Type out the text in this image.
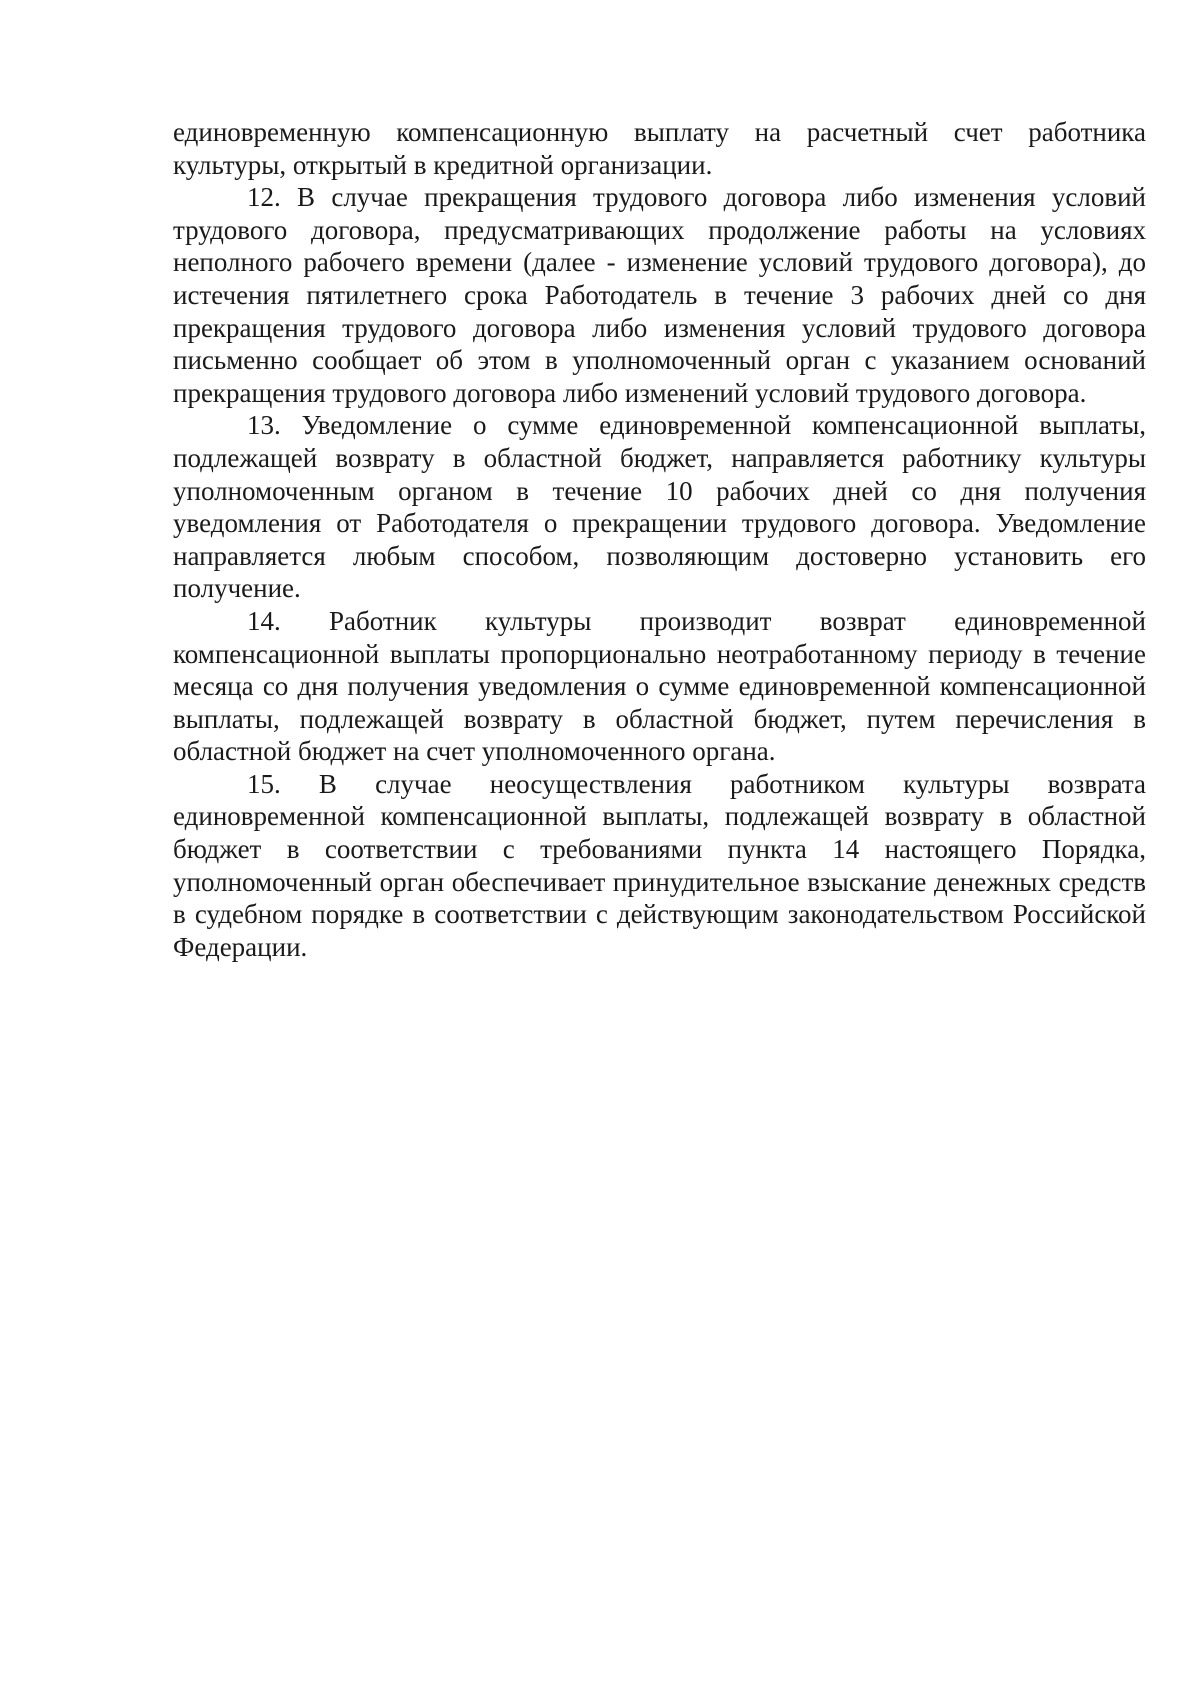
единовременную компенсационную выплату на расчетный счет работника культуры, открытый в кредитной организации.

12. В случае прекращения трудового договора либо изменения условий трудового договора, предусматривающих продолжение работы на условиях неполного рабочего времени (далее - изменение условий трудового договора), до истечения пятилетнего срока Работодатель в течение 3 рабочих дней со дня прекращения трудового договора либо изменения условий трудового договора письменно сообщает об этом в уполномоченный орган с указанием оснований прекращения трудового договора либо изменений условий трудового договора.

13. Уведомление о сумме единовременной компенсационной выплаты, подлежащей возврату в областной бюджет, направляется работнику культуры уполномоченным органом в течение 10 рабочих дней со дня получения уведомления от Работодателя о прекращении трудового договора. Уведомление направляется любым способом, позволяющим достоверно установить его получение.

14. Работник культуры производит возврат единовременной компенсационной выплаты пропорционально неотработанному периоду в течение месяца со дня получения уведомления о сумме единовременной компенсационной выплаты, подлежащей возврату в областной бюджет, путем перечисления в областной бюджет на счет уполномоченного органа.

15. В случае неосуществления работником культуры возврата единовременной компенсационной выплаты, подлежащей возврату в областной бюджет в соответствии с требованиями пункта 14 настоящего Порядка, уполномоченный орган обеспечивает принудительное взыскание денежных средств в судебном порядке в соответствии с действующим законодательством Российской Федерации.
